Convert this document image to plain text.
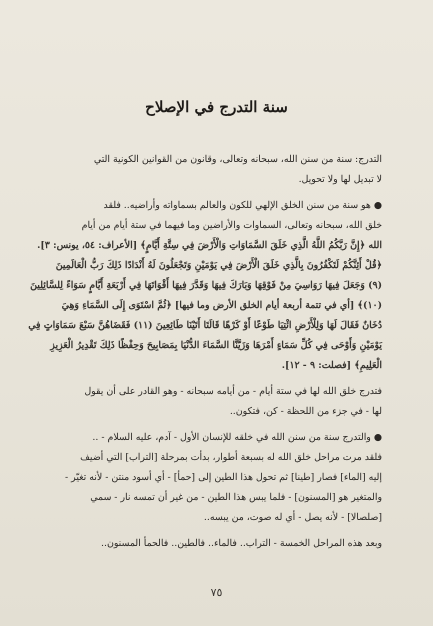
سنة التدرج في الإصلاح
التدرج: سنة من سنن الله، سبحانه وتعالى، وقانون من القوانين الكونية التي
لا تبديل لها ولا تحويل.
● هو سنة من سنن الخلق الإلهي للكون والعالم بسماواته وأراضيه.. فلقد
خلق الله، سبحانه وتعالى، السماوات والأراضين وما فيهما في ستة أيام من أيام
الله ﴿إِنَّ رَبَّكُمُ اللَّهُ الَّذِي خَلَقَ السَّمَاوَاتِ وَالْأَرْضَ فِي سِتَّةِ أَيَّامٍ﴾ [الأعراف: ٥٤، يونس: ٣].
﴿قُلْ أَئِنَّكُمْ لَتَكْفُرُونَ بِالَّذِي خَلَقَ الْأَرْضَ فِي يَوْمَيْنِ وَتَجْعَلُونَ لَهُ أَنْدَادًا ذَلِكَ رَبُّ الْعَالَمِينَ
(٩) وَجَعَلَ فِيهَا رَوَاسِيَ مِنْ فَوْقِهَا وَبَارَكَ فِيهَا وَقَدَّرَ فِيهَا أَقْوَاتَهَا فِي أَرْبَعَةِ أَيَّامٍ سَوَاءً لِلسَّائِلِينَ
(١٠)﴾ [أي في تتمة أربعة أيام الخلق الأرض وما فيها] ﴿ثُمَّ اسْتَوَى إِلَى السَّمَاءِ وَهِيَ
دُخَانٌ فَقَالَ لَهَا وَلِلْأَرْضِ ائْتِيَا طَوْعًا أَوْ كَرْهًا قَالَتَا أَتَيْنَا طَائِعِينَ (١١) فَقَضَاهُنَّ سَبْعَ سَمَاوَاتٍ فِي
يَوْمَيْنِ وَأَوْحَى فِي كُلِّ سَمَاءٍ أَمْرَهَا وَزَيَّنَّا السَّمَاءَ الدُّنْيَا بِمَصَابِيحَ وَحِفْظًا ذَلِكَ تَقْدِيرُ الْعَزِيزِ
الْعَلِيمِ﴾ [فصلت: ٩ - ١٢].
فتدرج خلق الله لها في ستة أيام - من أيامه سبحانه - وهو القادر على أن يقول
لها - في جزء من اللحظة - كن، فتكون..
● والتدرج سنة من سنن الله في خلقه للإنسان الأول - آدم، عليه السلام - ..
فلقد مرت مراحل خلق الله له بسبعة أطوار، بدأت بمرحلة [التراب] التي أضيف
إليه [الماء] فصار [طينا] ثم تحول هذا الطين إلى [حمأ] - أي أسود منتن - لأنه تغيّر -
والمتغير هو [المسنون] - فلما يبس هذا الطين - من غير أن تمسه نار - سمي
[صلصالا] - لأنه يصل - أي له صوت، من يبسه..
وبعد هذه المراحل الخمسة - التراب.. فالماء.. فالطين.. فالحمأ المسنون..
٧٥
